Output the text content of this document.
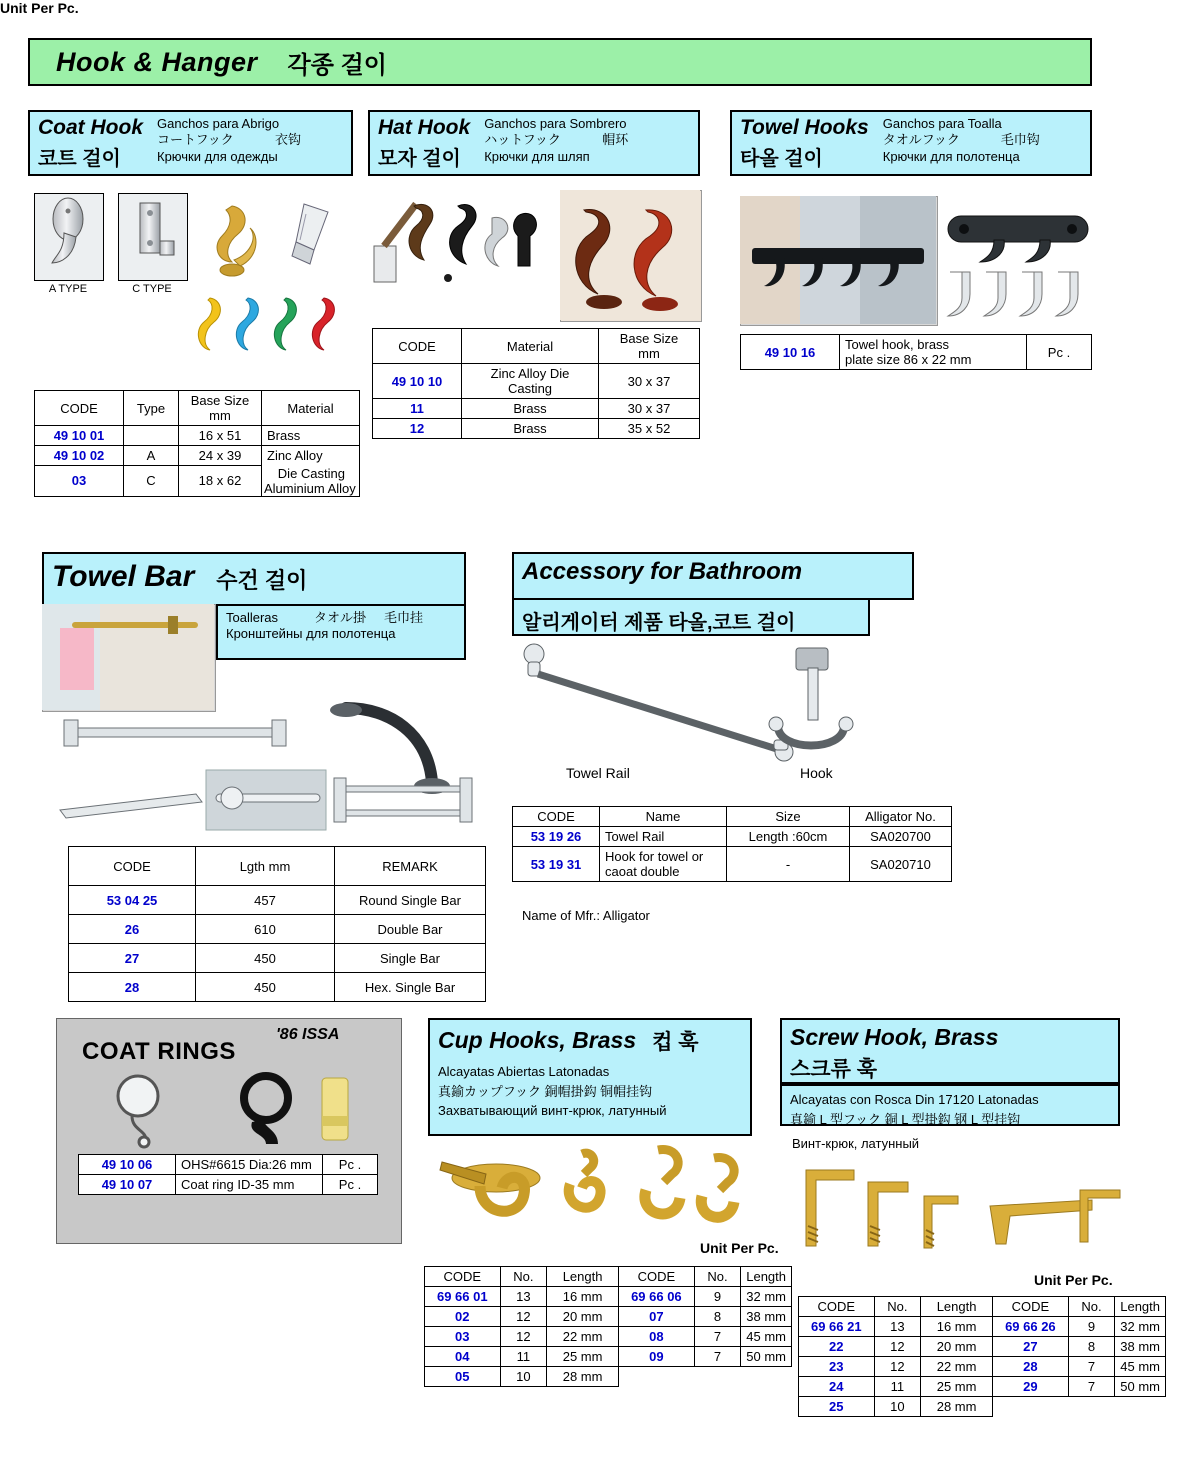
Hook & Hanger 각종 걸이
Coat Hook
코트 걸이
Ganchos para Abrigo
コートフック	衣钩
Крючки для одежды
A TYPE	C TYPE
CODE	Type	Base Size
mm	Material
49 10 01		16 x 51	Brass
49 10 02	A	24 x 39	Zinc Alloy
03	C	18 x 62	Die Casting
Aluminium Alloy
Hat Hook
모자 걸이
Ganchos para Sombrero
ハットフック	帽环
Крючки для шляп
CODE	Material	Base Size
mm
49 10 10	Zinc Alloy Die Casting	30 x 37
11	Brass	30 x 37
12	Brass	35 x 52
Towel Hooks
타올 걸이
Ganchos para Toalla
タオルフック	毛巾钩
Крючки для полотенца
49 10 16	Towel hook, brass
plate size 86 x 22 mm	Pc .
Towel Bar 수건 걸이
Toalleras	タオル掛	毛巾挂
Кронштейны для полотенца
CODE	Lgth mm	REMARK
53 04 25	457	Round Single Bar
26	610	Double Bar
27	450	Single Bar
28	450	Hex. Single Bar
Accessory for Bathroom
알리게이터 제품 타올,코트 걸이
Towel Rail	Hook
CODE	Name	Size	Alligator No.
53 19 26	Towel Rail	Length :60cm	SA020700
53 19 31	Hook for towel or
caoat double	-	SA020710
Name of Mfr.: Alligator
COAT RINGS
'86 ISSA
49 10 06	OHS#6615 Dia:26 mm	Pc .
49 10 07	Coat ring ID-35 mm	Pc .
Cup Hooks, Brass 컵 훅
Alcayatas Abiertas Latonadas
真鍮カップフック 銅帽掛鈎 铜帽挂钩
Захватывающий винт-крюк, латунный
Unit Per Pc.
Unit Per Pc.
CODE	No.	Length	CODE	No.	Length
69 66 01	13	16 mm	69 66 06	9	32 mm
02	12	20 mm	07	8	38 mm
03	12	22 mm	08	7	45 mm
04	11	25 mm	09	7	50 mm
05	10	28 mm			
Screw Hook, Brass
스크류 훅
Alcayatas con Rosca Din 17120 Latonadas
真鍮 L 型フック 銅 L 型掛鈎 钢 L 型挂钩
Винт-крюк, латунный
Unit Per Pc.
CODE	No.	Length	CODE	No.	Length
69 66 21	13	16 mm	69 66 26	9	32 mm
22	12	20 mm	27	8	38 mm
23	12	22 mm	28	7	45 mm
24	11	25 mm	29	7	50 mm
25	10	28 mm			
